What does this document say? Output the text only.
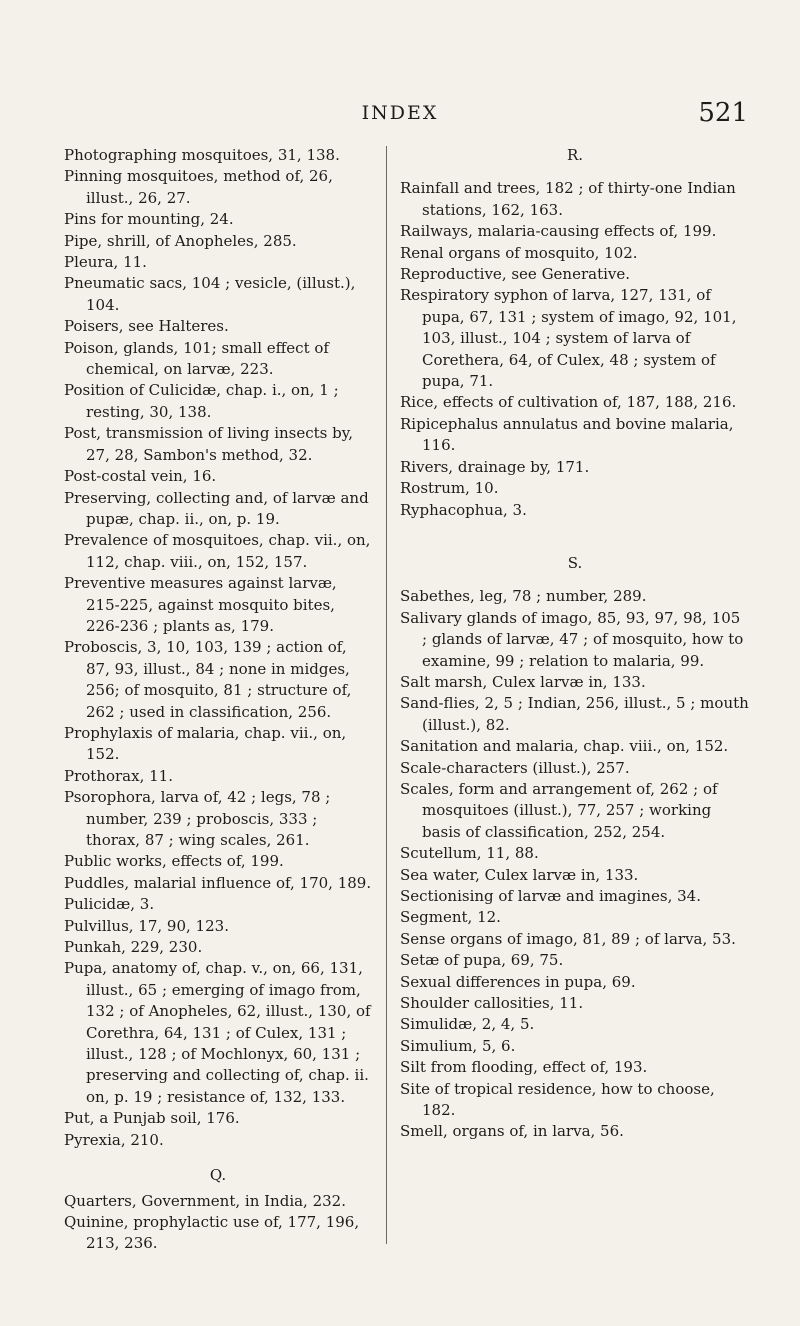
INDEX	521

Photographing mosquitoes, 31, 138.

Pinning mosquitoes, method of, 26, illust., 26, 27.

Pins for mounting, 24.

Pipe, shrill, of Anopheles, 285.

Pleura, 11.

Pneumatic sacs, 104 ; vesicle, (illust.), 104.

Poisers, see Halteres.

Poison, glands, 101; small effect of chemical, on larvæ, 223.

Position of Culicidæ, chap. i., on, 1 ; resting, 30, 138.

Post, transmission of living insects by, 27, 28, Sambon's method, 32.

Post-costal vein, 16.

Preserving, collecting and, of larvæ and pupæ, chap. ii., on, p. 19.

Prevalence of mosquitoes, chap. vii., on, 112, chap. viii., on, 152, 157.

Preventive measures against larvæ, 215-225, against mosquito bites, 226-236 ; plants as, 179.

Proboscis, 3, 10, 103, 139 ; action of, 87, 93, illust., 84 ; none in midges, 256; of mosquito, 81 ; structure of, 262 ; used in classification, 256.

Prophylaxis of malaria, chap. vii., on, 152.

Prothorax, 11.

Psorophora, larva of, 42 ; legs, 78 ; number, 239 ; proboscis, 333 ; thorax, 87 ; wing scales, 261.

Public works, effects of, 199.

Puddles, malarial influence of, 170, 189.

Pulicidæ, 3.

Pulvillus, 17, 90, 123.

Punkah, 229, 230.

Pupa, anatomy of, chap. v., on, 66, 131, illust., 65 ; emerging of imago from, 132 ; of Anopheles, 62, illust., 130, of Corethra, 64, 131 ; of Culex, 131 ; illust., 128 ; of Mochlonyx, 60, 131 ; preserving and collecting of, chap. ii. on, p. 19 ; resistance of, 132, 133.

Put, a Punjab soil, 176.

Pyrexia, 210.

Q.

Quarters, Government, in India, 232.

Quinine, prophylactic use of, 177, 196, 213, 236.

R.

Rainfall and trees, 182 ; of thirty-one Indian stations, 162, 163.

Railways, malaria-causing effects of, 199.

Renal organs of mosquito, 102.

Reproductive, see Generative.

Respiratory syphon of larva, 127, 131, of pupa, 67, 131 ; system of imago, 92, 101, 103, illust., 104 ; system of larva of Corethera, 64, of Culex, 48 ; system of pupa, 71.

Rice, effects of cultivation of, 187, 188, 216.

Ripicephalus annulatus and bovine malaria, 116.

Rivers, drainage by, 171.

Rostrum, 10.

Ryphacophua, 3.

S.

Sabethes, leg, 78 ; number, 289.

Salivary glands of imago, 85, 93, 97, 98, 105 ; glands of larvæ, 47 ; of mosquito, how to examine, 99 ; relation to malaria, 99.

Salt marsh, Culex larvæ in, 133.

Sand-flies, 2, 5 ; Indian, 256, illust., 5 ; mouth (illust.), 82.

Sanitation and malaria, chap. viii., on, 152.

Scale-characters (illust.), 257.

Scales, form and arrangement of, 262 ; of mosquitoes (illust.), 77, 257 ; working basis of classification, 252, 254.

Scutellum, 11, 88.

Sea water, Culex larvæ in, 133.

Sectionising of larvæ and imagines, 34.

Segment, 12.

Sense organs of imago, 81, 89 ; of larva, 53.

Setæ of pupa, 69, 75.

Sexual differences in pupa, 69.

Shoulder callosities, 11.

Simulidæ, 2, 4, 5.

Simulium, 5, 6.

Silt from flooding, effect of, 193.

Site of tropical residence, how to choose, 182.

Smell, organs of, in larva, 56.
